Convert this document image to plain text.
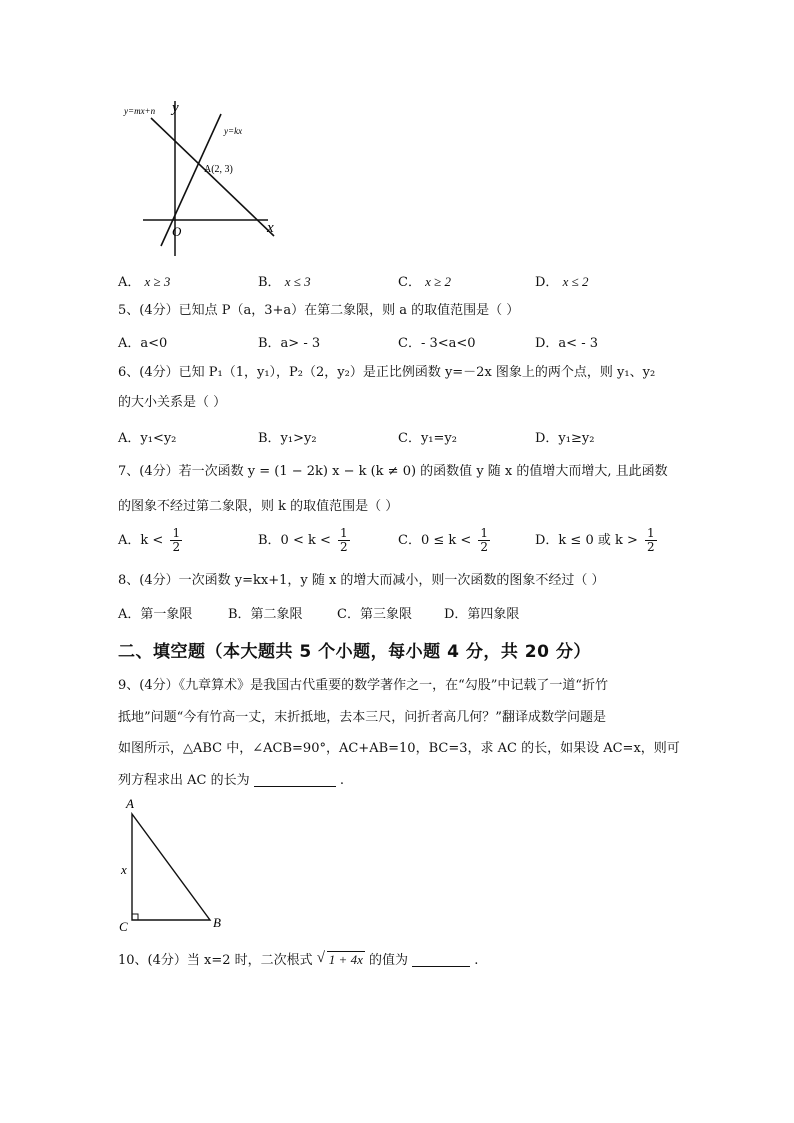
y=mx+n
y=kx
y
x
O
A(2, 3)
A． x ≥ 3	B． x ≤ 3	C． x ≥ 2	D． x ≤ 2
5、(4分）已知点 P（a，3+a）在第二象限，则 a 的取值范围是（ ）
A．a<0	B．a> - 3	C．- 3<a<0	D．a< - 3
6、(4分）已知 P₁（1，y₁），P₂（2，y₂）是正比例函数 y=－2x 图象上的两个点，则 y₁、y₂
的大小关系是（ ）
A．y₁<y₂	B．y₁>y₂	C．y₁=y₂	D．y₁≥y₂
7、(4分）若一次函数 y = (1 − 2k) x − k (k ≠ 0) 的函数值 y 随 x 的值增大而增大, 且此函数
的图象不经过第二象限，则 k 的取值范围是（ ）
A．$k < \frac{1}{2}$	B．$0 < k < \frac{1}{2}$	C．$0 \le k < \frac{1}{2}$	D．k ≤ 0 或 $k > \frac{1}{2}$
8、(4分）一次函数 y=kx+1，y 随 x 的增大而减小，则一次函数的图象不经过（ ）
A．第一象限	B．第二象限	C．第三象限 D．第四象限
二、填空题（本大题共 5 个小题，每小题 4 分，共 20 分）
9、(4分）《九章算术》是我国古代重要的数学著作之一，在“勾股”中记载了一道“折竹
抵地”问题“今有竹高一丈，末折抵地，去本三尺，问折者高几何？”翻译成数学问题是
如图所示，△ABC 中，∠ACB=90°，AC+AB=10，BC=3，求 AC 的长，如果设 AC=x，则可
列方程求出 AC 的长为	.
A
B
C
x
10、(4分）当 x=2 时，二次根式 √ 1 + 4x 的值为	.
